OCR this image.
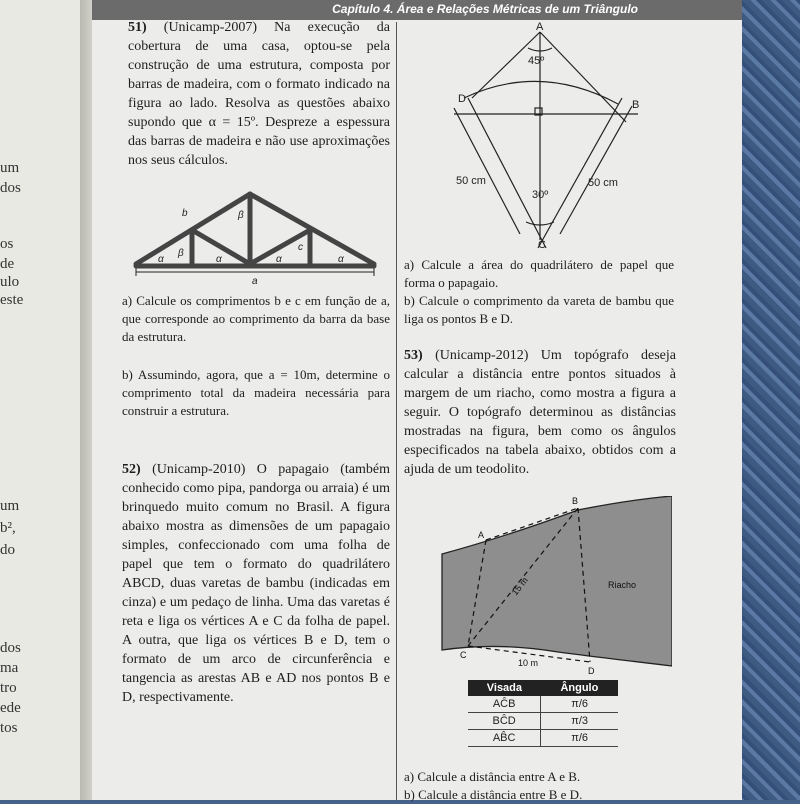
um
dos
os
de
ulo
este
um
b²,
do
dos
ma
tro
ede
tos
Capítulo 4. Área e Relações Métricas de um Triângulo
51) (Unicamp-2007) Na execução da cobertura de uma casa, optou-se pela construção de uma estrutura, composta por barras de madeira, com o formato indicado na figura ao lado. Resolva as questões abaixo supondo que α = 15º. Despreze a espessura das barras de madeira e não use aproximações nos seus cálculos.
b	β
β
α	α	α	α
c
a
a) Calcule os comprimentos b e c em função de a, que corresponde ao comprimento da barra da base da estrutura.
b) Assumindo, agora, que a = 10m, determine o comprimento total da madeira necessária para construir a estrutura.
52) (Unicamp-2010) O papagaio (também conhecido como pipa, pandorga ou arraia) é um brinquedo muito comum no Brasil. A figura abaixo mostra as dimensões de um papagaio simples, confeccionado com uma folha de papel que tem o formato do quadrilátero ABCD, duas varetas de bambu (indicadas em cinza) e um pedaço de linha. Uma das varetas é reta e liga os vértices A e C da folha de papel. A outra, que liga os vértices B e D, tem o formato de um arco de circunferência e tangencia as arestas AB e AD nos pontos B e D, respectivamente.
A
B
C
D
45º
30º
50 cm	50 cm
a) Calcule a área do quadrilátero de papel que forma o papagaio.
b) Calcule o comprimento da vareta de bambu que liga os pontos B e D.
53) (Unicamp-2012) Um topógrafo deseja calcular a distância entre pontos situados à margem de um riacho, como mostra a figura a seguir. O topógrafo determinou as distâncias mostradas na figura, bem como os ângulos especificados na tabela abaixo, obtidos com a ajuda de um teodolito.
A
B
C
D
15 m
10 m
Riacho
Visada	Ângulo
AĈB	π/6
BĈD	π/3
AB̂C	π/6
a) Calcule a distância entre A e B.
b) Calcule a distância entre B e D.
